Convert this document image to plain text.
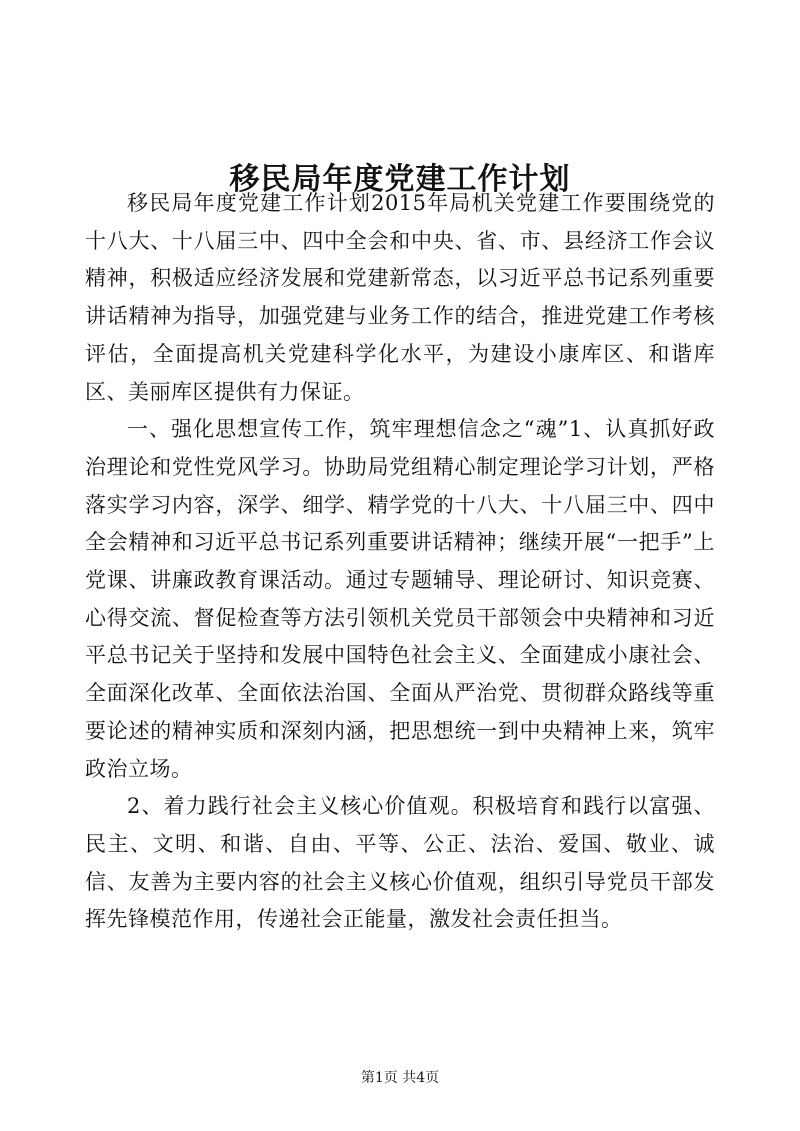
移民局年度党建工作计划

移民局年度党建工作计划2015年局机关党建工作要围绕党的十八大、十八届三中、四中全会和中央、省、市、县经济工作会议精神，积极适应经济发展和党建新常态，以习近平总书记系列重要讲话精神为指导，加强党建与业务工作的结合，推进党建工作考核评估，全面提高机关党建科学化水平，为建设小康库区、和谐库区、美丽库区提供有力保证。

一、强化思想宣传工作，筑牢理想信念之“魂”1、认真抓好政治理论和党性党风学习。协助局党组精心制定理论学习计划，严格落实学习内容，深学、细学、精学党的十八大、十八届三中、四中全会精神和习近平总书记系列重要讲话精神；继续开展“一把手”上党课、讲廉政教育课活动。通过专题辅导、理论研讨、知识竞赛、心得交流、督促检查等方法引领机关党员干部领会中央精神和习近平总书记关于坚持和发展中国特色社会主义、全面建成小康社会、全面深化改革、全面依法治国、全面从严治党、贯彻群众路线等重要论述的精神实质和深刻内涵，把思想统一到中央精神上来，筑牢政治立场。

2、着力践行社会主义核心价值观。积极培育和践行以富强、民主、文明、和谐、自由、平等、公正、法治、爱国、敬业、诚信、友善为主要内容的社会主义核心价值观，组织引导党员干部发挥先锋模范作用，传递社会正能量，激发社会责任担当。

第1页 共4页
